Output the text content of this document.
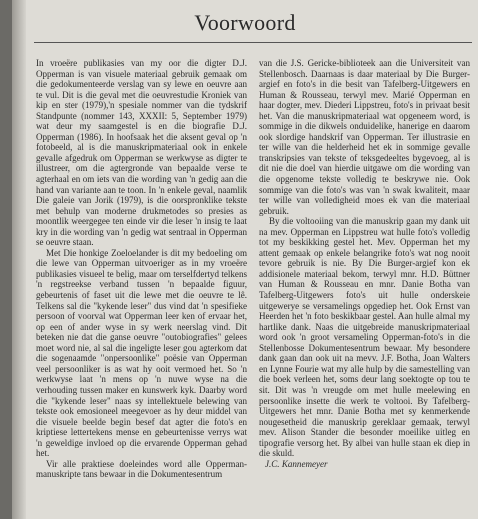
Voorwoord

In vroeëre publikasies van my oor die digter D.J. Opperman is van visuele materiaal gebruik gemaak om die gedokumenteerde verslag van sy lewe en oeuvre aan te vul. Dit is die geval met die oeuvrestudie Kroniek van kip en ster (1979),'n spesiale nommer van die tydskrif Standpunte (nommer 143, XXXII: 5, September 1979) wat deur my saamgestel is en die biografie D.J. Opperman (1986). In hoofsaak het die aksent geval op 'n fotobeeld, al is die manuskripmateriaal ook in enkele gevalle afgedruk om Opperman se werkwyse as digter te illustreer, om die agtergronde van bepaalde verse te agterhaal en om iets van die wording van 'n gedig aan die hand van variante aan te toon. In 'n enkele geval, naamlik Die galeie van Jorik (1979), is die oorspronklike tekste met behulp van moderne drukmetodes so presies as moontlik weergegee ten einde vir die leser 'n insig te laat kry in die wording van 'n gedig wat sentraal in Opperman se oeuvre staan.

Met Die honkige Zoeloelander is dit my bedoeling om die lewe van Opperman uitvoeriger as in my vroeëre publikasies visueel te belig, maar om terselfdertyd telkens 'n regstreekse verband tussen 'n bepaalde figuur, gebeurtenis of faset uit die lewe met die oeuvre te lê. Telkens sal die "kykende leser" dus vind dat 'n spesifieke persoon of voorval wat Opperman leer ken of ervaar het, op een of ander wyse in sy werk neerslag vind. Dit beteken nie dat die ganse oeuvre "outobiografies" gelees moet word nie, al sal die ingeligte leser gou agterkom dat die sogenaamde "onpersoonlike" poësie van Opperman veel persoonliker is as wat hy ooit vermoed het. So 'n werkwyse laat 'n mens op 'n nuwe wyse na die verhouding tussen maker en kunswerk kyk. Daarby word die "kykende leser" naas sy intellektuele belewing van tekste ook emosioneel meegevoer as hy deur middel van die visuele beelde begin besef dat agter die foto's en kriptiese lettertekens mense en gebeurtenisse verrys wat 'n geweldige invloed op die ervarende Opperman gehad het.

Vir alle praktiese doeleindes word alle Opperman-manuskripte tans bewaar in die Dokumentesentrum

van die J.S. Gericke-biblioteek aan die Universiteit van Stellenbosch. Daarnaas is daar materiaal by Die Burger-argief en foto's in die besit van Tafelberg-Uitgewers en Human & Rousseau, terwyl mev. Marié Opperman en haar dogter, mev. Diederi Lippstreu, foto's in privaat besit het. Van die manuskripmateriaal wat opgeneem word, is sommige in die dikwels onduidelike, hanerige en daarom ook slordige handskrif van Opperman. Ter illustrasie en ter wille van die helderheid het ek in sommige gevalle transkripsies van tekste of teksgedeeltes bygevoeg, al is dit nie die doel van hierdie uitgawe om die wording van die opgenome tekste volledig te beskrywe nie. Ook sommige van die foto's was van 'n swak kwaliteit, maar ter wille van volledigheid moes ek van die materiaal gebruik.

By die voltooiing van die manuskrip gaan my dank uit na mev. Opperman en Lippstreu wat hulle foto's volledig tot my beskikking gestel het. Mev. Opperman het my attent gemaak op enkele belangrike foto's wat nog nooit tevore gebruik is nie. By Die Burger-argief kon ek addisionele materiaal bekom, terwyl mnr. H.D. Büttner van Human & Rousseau en mnr. Danie Botha van Tafelberg-Uitgewers foto's uit hulle onderskeie uitgewerye se versamelings opgediep het. Ook Ernst van Heerden het 'n foto beskikbaar gestel. Aan hulle almal my hartlike dank. Naas die uitgebreide manuskripmateriaal word ook 'n groot versameling Opperman-foto's in die Stellenbosse Dokumentesentrum bewaar. My besondere dank gaan dan ook uit na mevv. J.F. Botha, Joan Walters en Lynne Fourie wat my alle hulp by die samestelling van die boek verleen het, soms deur lang soektogte op tou te sit. Dit was 'n vreugde om met hulle meelewing en persoonlike insette die werk te voltooi. By Tafelberg-Uitgewers het mnr. Danie Botha met sy kenmerkende nougesetheid die manuskrip gereklaar gemaak, terwyl mev. Alison Stander die besonder moeilike uitleg en tipografie versorg het. By albei van hulle staan ek diep in die skuld.

J.C. Kannemeyer
